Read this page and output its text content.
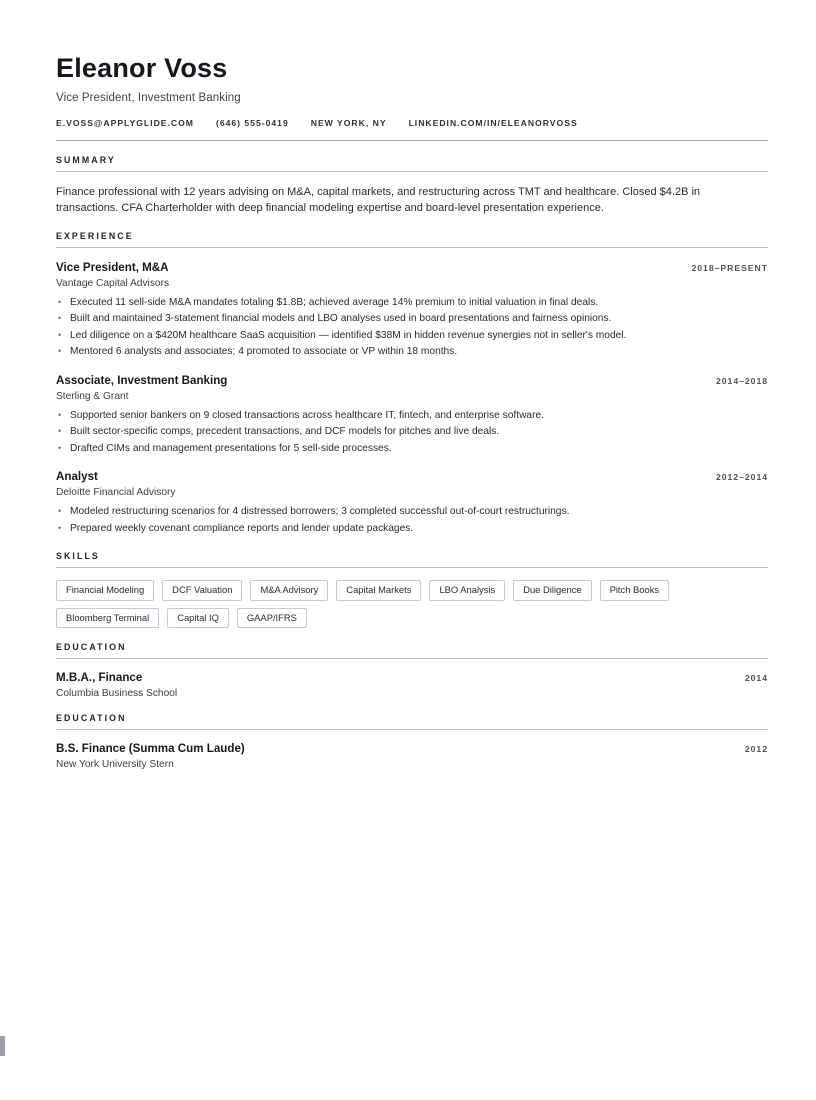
Eleanor Voss
Vice President, Investment Banking
E.VOSS@APPLYGLIDE.COM	(646) 555-0419	NEW YORK, NY	LINKEDIN.COM/IN/ELEANORVOSS
SUMMARY
Finance professional with 12 years advising on M&A, capital markets, and restructuring across TMT and healthcare. Closed $4.2B in transactions. CFA Charterholder with deep financial modeling expertise and board-level presentation experience.
EXPERIENCE
Vice President, M&A	2018–PRESENT
Vantage Capital Advisors
• Executed 11 sell-side M&A mandates totaling $1.8B; achieved average 14% premium to initial valuation in final deals.
• Built and maintained 3-statement financial models and LBO analyses used in board presentations and fairness opinions.
• Led diligence on a $420M healthcare SaaS acquisition — identified $38M in hidden revenue synergies not in seller's model.
• Mentored 6 analysts and associates; 4 promoted to associate or VP within 18 months.
Associate, Investment Banking	2014–2018
Sterling & Grant
• Supported senior bankers on 9 closed transactions across healthcare IT, fintech, and enterprise software.
• Built sector-specific comps, precedent transactions, and DCF models for pitches and live deals.
• Drafted CIMs and management presentations for 5 sell-side processes.
Analyst	2012–2014
Deloitte Financial Advisory
• Modeled restructuring scenarios for 4 distressed borrowers; 3 completed successful out-of-court restructurings.
• Prepared weekly covenant compliance reports and lender update packages.
SKILLS
Financial Modeling	DCF Valuation	M&A Advisory	Capital Markets	LBO Analysis	Due Diligence	Pitch Books
Bloomberg Terminal	Capital IQ	GAAP/IFRS
EDUCATION
M.B.A., Finance	2014
Columbia Business School
EDUCATION
B.S. Finance (Summa Cum Laude)	2012
New York University Stern
